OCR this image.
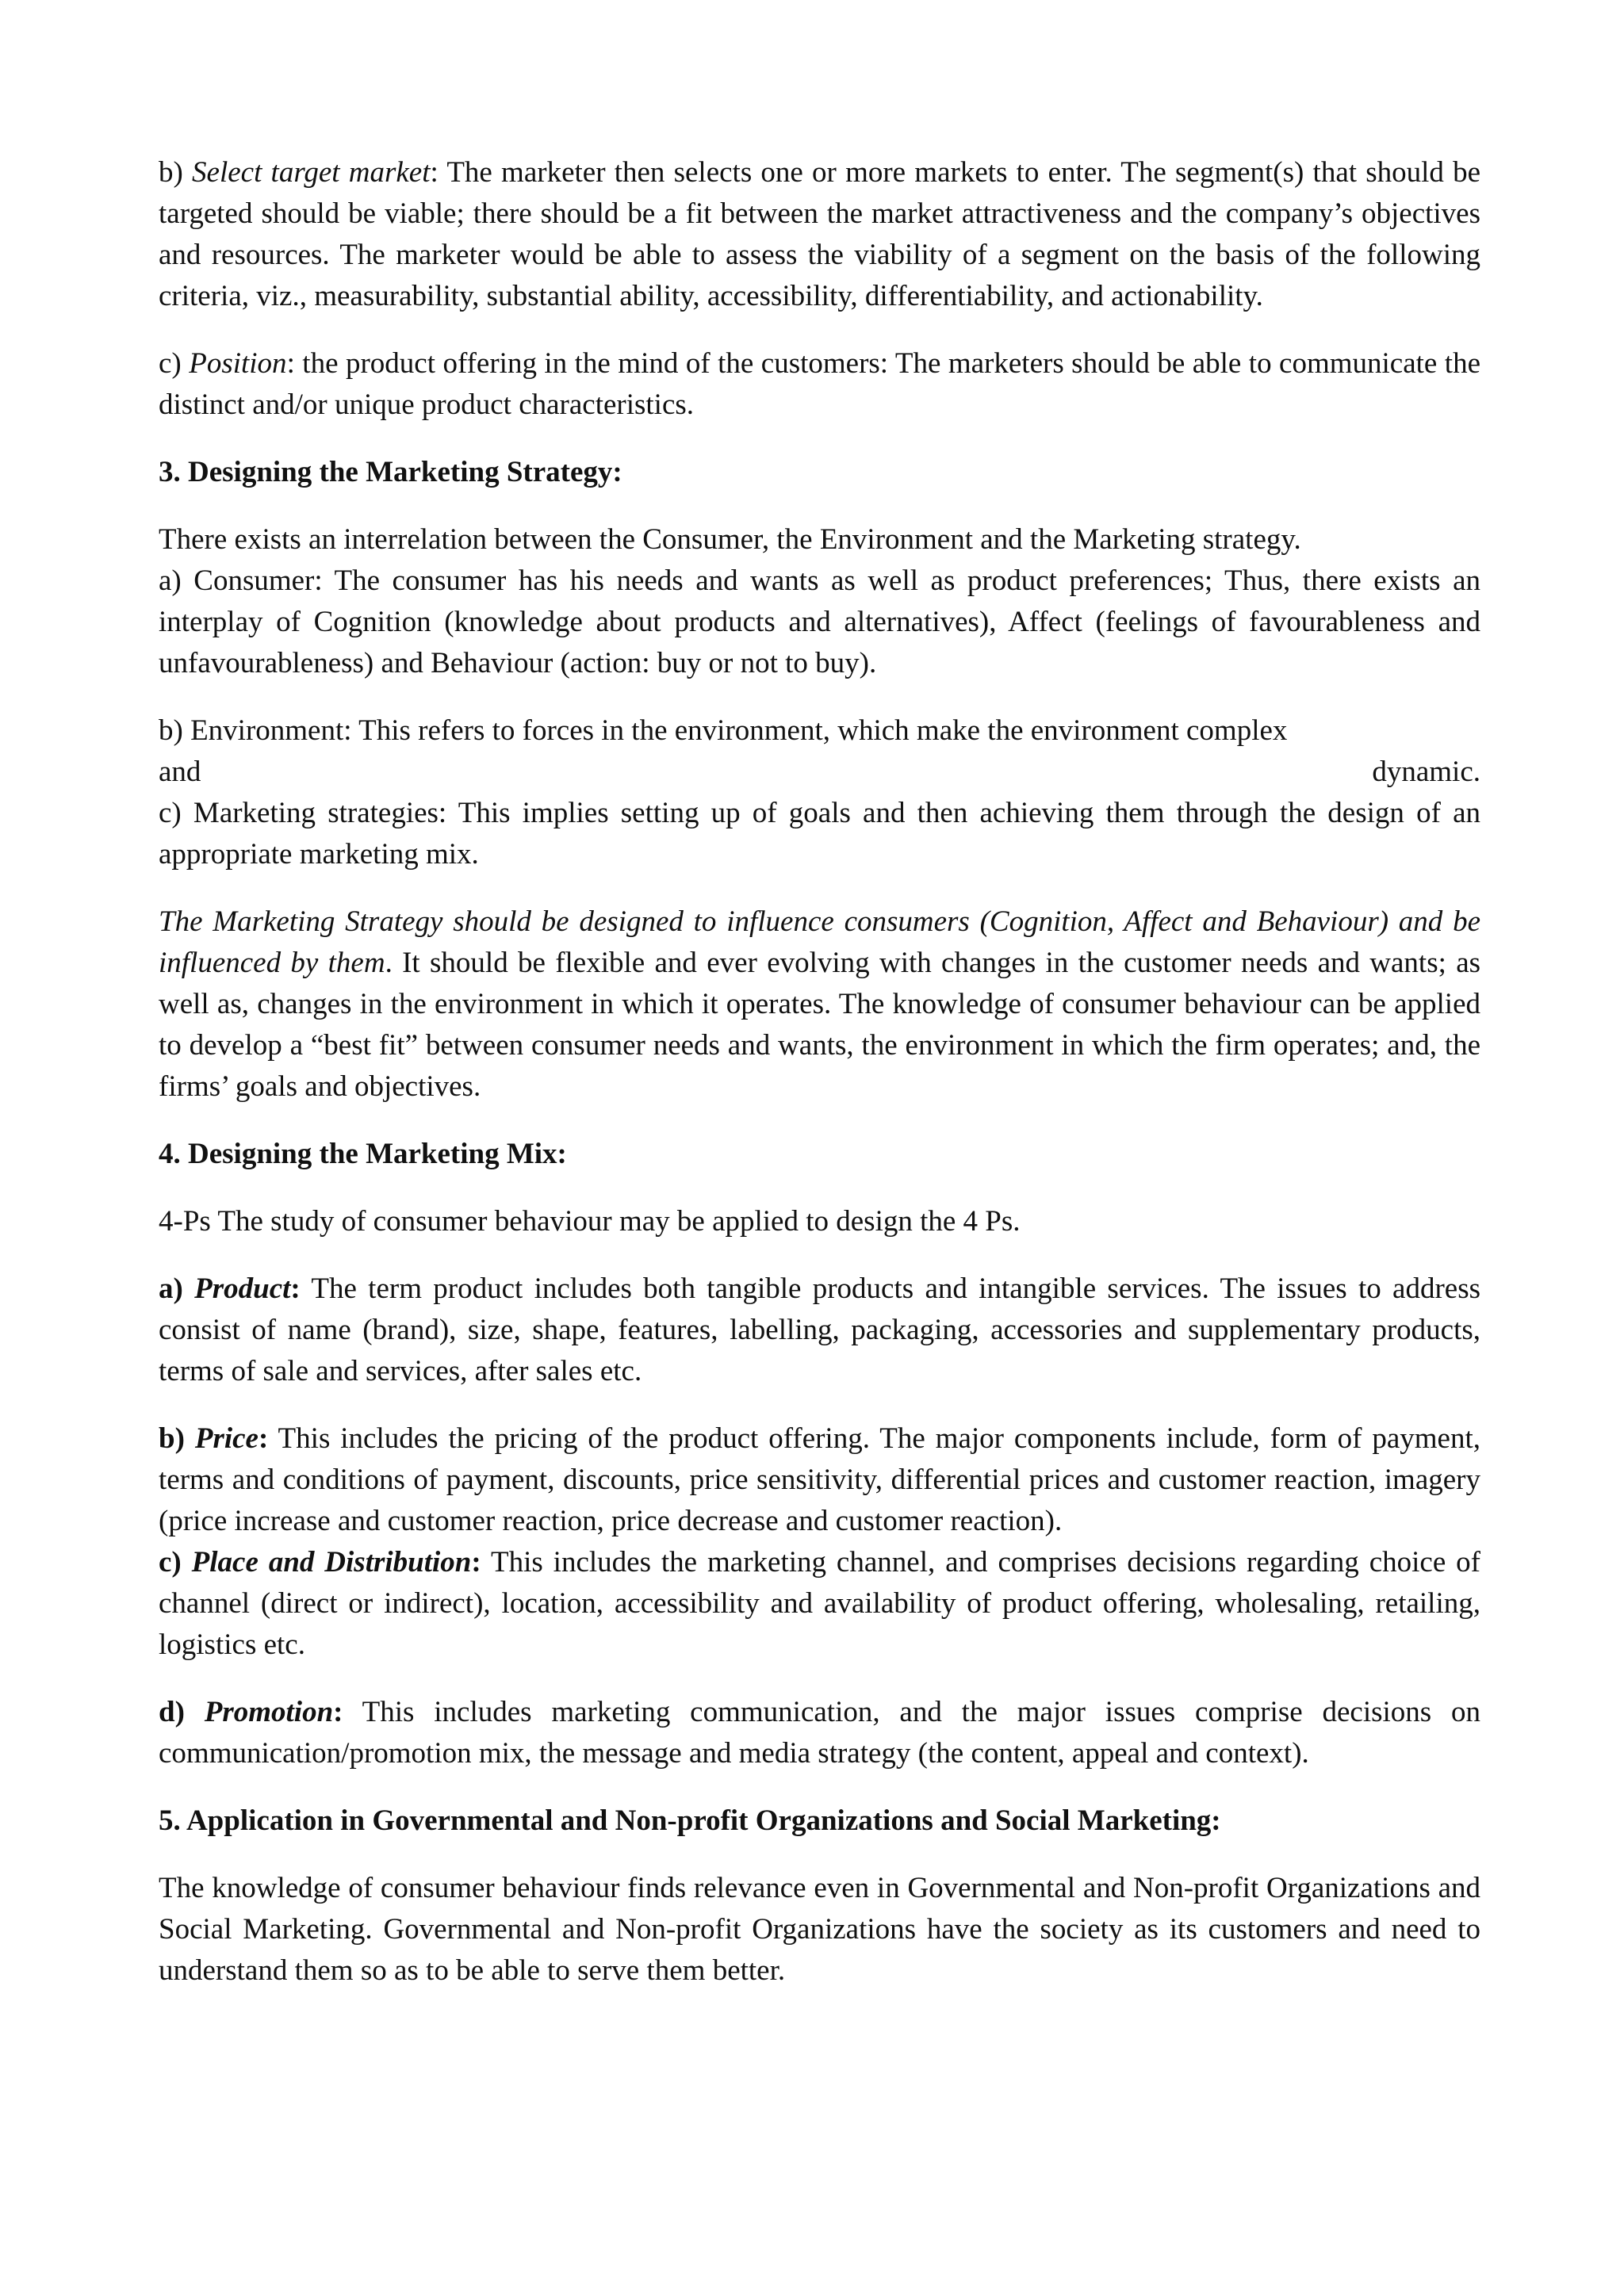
b) Select target market: The marketer then selects one or more markets to enter. The segment(s) that should be targeted should be viable; there should be a fit between the market attractiveness and the company’s objectives and resources. The marketer would be able to assess the viability of a segment on the basis of the following criteria, viz., measurability, substantial ability, accessibility, differentiability, and actionability.

c) Position: the product offering in the mind of the customers: The marketers should be able to communicate the distinct and/or unique product characteristics.

3. Designing the Marketing Strategy:

There exists an interrelation between the Consumer, the Environment and the Marketing strategy.

a) Consumer: The consumer has his needs and wants as well as product preferences; Thus, there exists an interplay of Cognition (knowledge about products and alternatives), Affect (feelings of favourableness and unfavourableness) and Behaviour (action: buy or not to buy).

b) Environment: This refers to forces in the environment, which make the environment complex

and	dynamic.

c) Marketing strategies: This implies setting up of goals and then achieving them through the design of an appropriate marketing mix.

The Marketing Strategy should be designed to influence consumers (Cognition, Affect and Behaviour) and be influenced by them. It should be flexible and ever evolving with changes in the customer needs and wants; as well as, changes in the environment in which it operates. The knowledge of consumer behaviour can be applied to develop a “best fit” between consumer needs and wants, the environment in which the firm operates; and, the firms’ goals and objectives.

4. Designing the Marketing Mix:

4-Ps The study of consumer behaviour may be applied to design the 4 Ps.

a) Product: The term product includes both tangible products and intangible services. The issues to address consist of name (brand), size, shape, features, labelling, packaging, accessories and supplementary products, terms of sale and services, after sales etc.

b) Price: This includes the pricing of the product offering. The major components include, form of payment, terms and conditions of payment, discounts, price sensitivity, differential prices and customer reaction, imagery (price increase and customer reaction, price decrease and customer reaction).

c) Place and Distribution: This includes the marketing channel, and comprises decisions regarding choice of channel (direct or indirect), location, accessibility and availability of product offering, wholesaling, retailing, logistics etc.

d) Promotion: This includes marketing communication, and the major issues comprise decisions on communication/promotion mix, the message and media strategy (the content, appeal and context).

5. Application in Governmental and Non-profit Organizations and Social Marketing:

The knowledge of consumer behaviour finds relevance even in Governmental and Non-profit Organizations and Social Marketing. Governmental and Non-profit Organizations have the society as its customers and need to understand them so as to be able to serve them better.
